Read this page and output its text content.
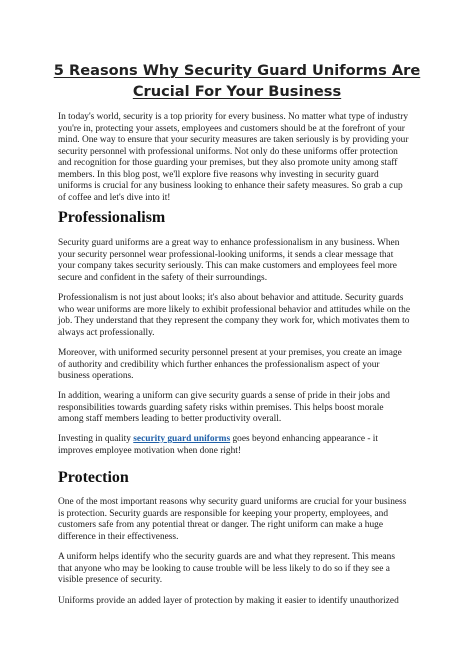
5 Reasons Why Security Guard Uniforms Are
Crucial For Your Business

In today's world, security is a top priority for every business. No matter what type of industry
you're in, protecting your assets, employees and customers should be at the forefront of your
mind. One way to ensure that your security measures are taken seriously is by providing your
security personnel with professional uniforms. Not only do these uniforms offer protection
and recognition for those guarding your premises, but they also promote unity among staff
members. In this blog post, we'll explore five reasons why investing in security guard
uniforms is crucial for any business looking to enhance their safety measures. So grab a cup
of coffee and let's dive into it!

Professionalism

Security guard uniforms are a great way to enhance professionalism in any business. When
your security personnel wear professional-looking uniforms, it sends a clear message that
your company takes security seriously. This can make customers and employees feel more
secure and confident in the safety of their surroundings.

Professionalism is not just about looks; it's also about behavior and attitude. Security guards
who wear uniforms are more likely to exhibit professional behavior and attitudes while on the
job. They understand that they represent the company they work for, which motivates them to
always act professionally.

Moreover, with uniformed security personnel present at your premises, you create an image
of authority and credibility which further enhances the professionalism aspect of your
business operations.

In addition, wearing a uniform can give security guards a sense of pride in their jobs and
responsibilities towards guarding safety risks within premises. This helps boost morale
among staff members leading to better productivity overall.

Investing in quality security guard uniforms goes beyond enhancing appearance - it
improves employee motivation when done right!

Protection

One of the most important reasons why security guard uniforms are crucial for your business
is protection. Security guards are responsible for keeping your property, employees, and
customers safe from any potential threat or danger. The right uniform can make a huge
difference in their effectiveness.

A uniform helps identify who the security guards are and what they represent. This means
that anyone who may be looking to cause trouble will be less likely to do so if they see a
visible presence of security.

Uniforms provide an added layer of protection by making it easier to identify unauthorized
